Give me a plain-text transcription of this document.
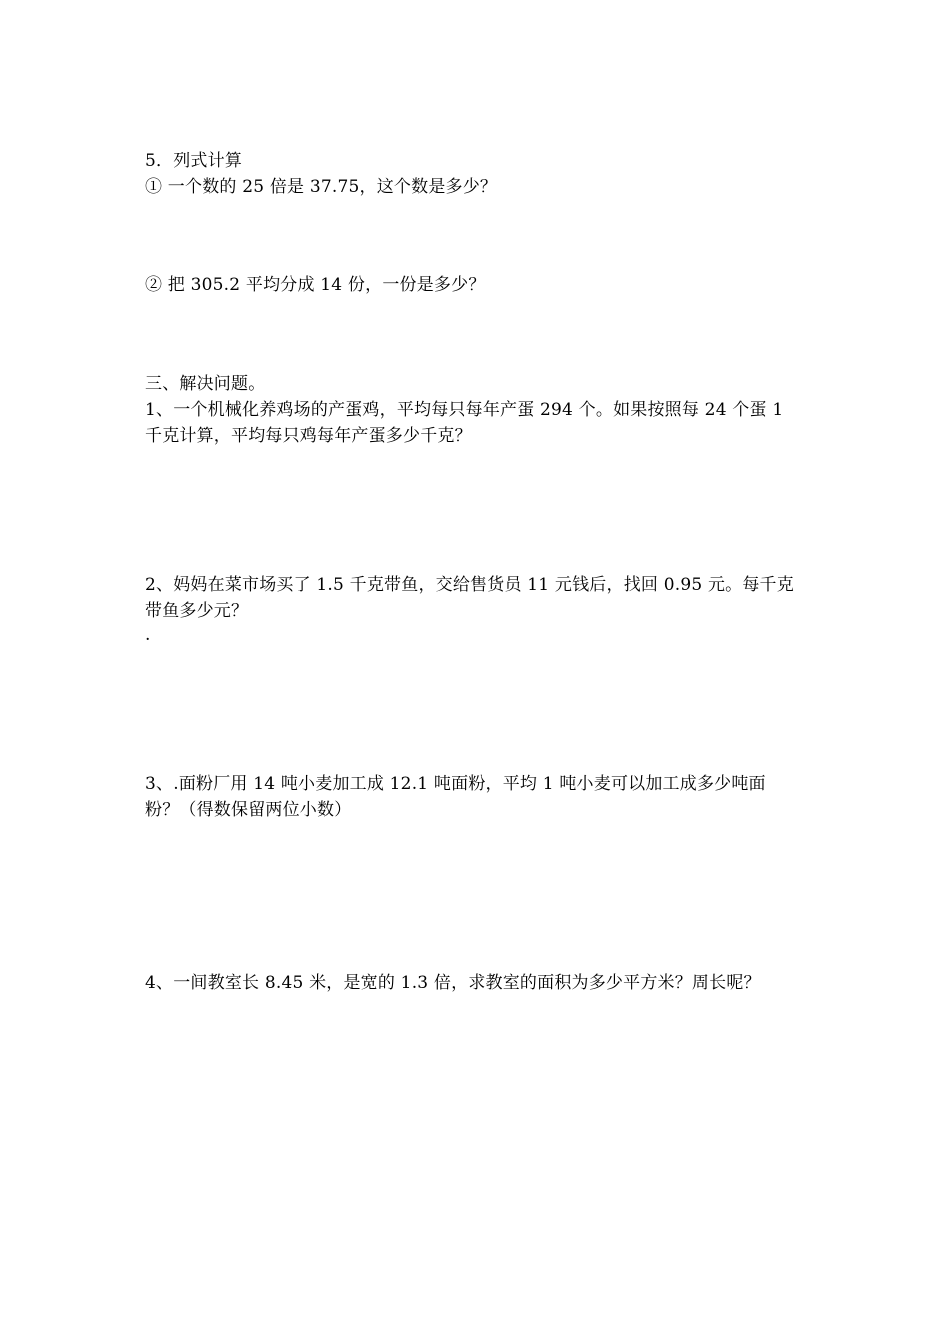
5．列式计算
① 一个数的 25 倍是 37.75，这个数是多少？
② 把 305.2 平均分成 14 份，一份是多少？
三、解决问题。
1、一个机械化养鸡场的产蛋鸡，平均每只每年产蛋 294 个。如果按照每 24 个蛋 1
千克计算，平均每只鸡每年产蛋多少千克？
2、妈妈在菜市场买了 1.5 千克带鱼，交给售货员 11 元钱后，找回 0.95 元。每千克
带鱼多少元？
.
3、.面粉厂用 14 吨小麦加工成 12.1 吨面粉，平均 1 吨小麦可以加工成多少吨面
粉？（得数保留两位小数）
4、一间教室长 8.45 米，是宽的 1.3 倍，求教室的面积为多少平方米？周长呢？
